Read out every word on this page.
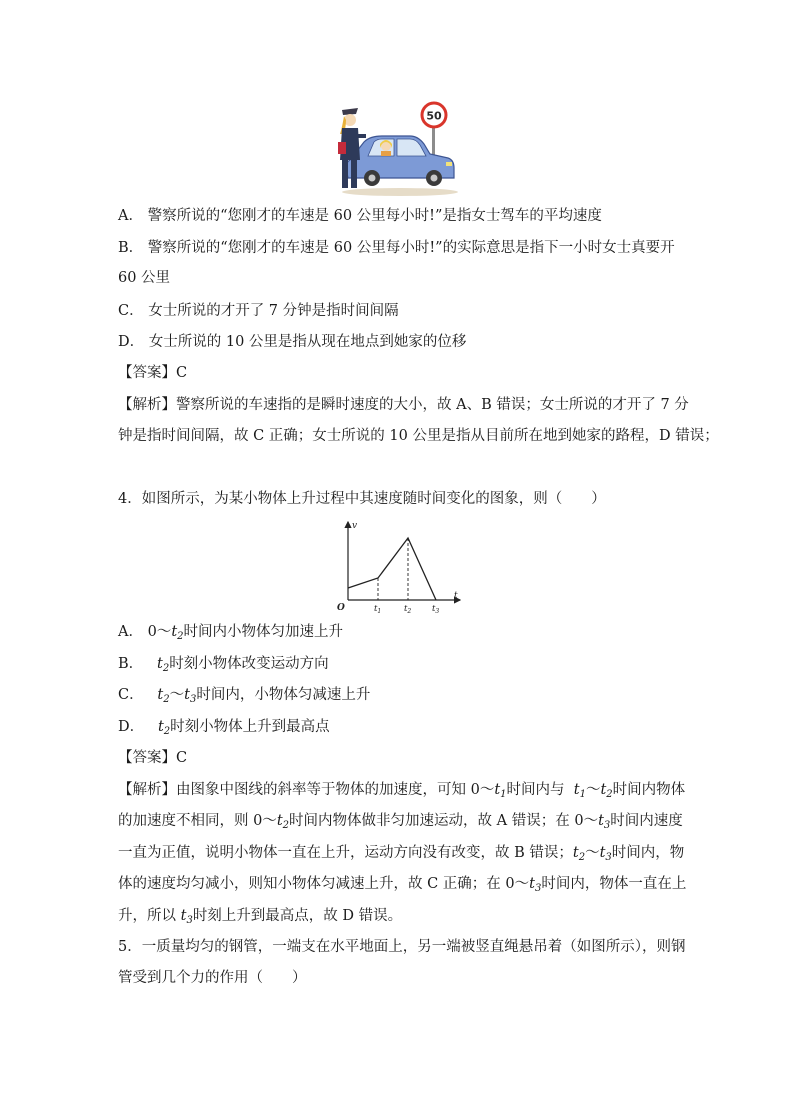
50
A． 警察所说的“您刚才的车速是 60 公里每小时!”是指女士驾车的平均速度
B． 警察所说的“您刚才的车速是 60 公里每小时!”的实际意思是指下一小时女士真要开
60 公里
C． 女士所说的才开了 7 分钟是指时间间隔
D． 女士所说的 10 公里是指从现在地点到她家的位移
【答案】C
【解析】警察所说的车速指的是瞬时速度的大小，故 A、B 错误；女士所说的才开了 7 分
钟是指时间间隔，故 C 正确；女士所说的 10 公里是指从目前所在地到她家的路程，D 错误；
4．如图所示，为某小物体上升过程中其速度随时间变化的图象，则（　　）
v
t
O	$t_1$	$t_2$ $t_3$
A． $0\sim t_2$时间内小物体匀加速上升
B．   $t_2$时刻小物体改变运动方向
C．   $t_2\sim t_3$时间内，小物体匀减速上升
D．   $t_2$时刻小物体上升到最高点
【答案】C
【解析】由图象中图线的斜率等于物体的加速度，可知 $0\sim t_1$时间内与  $t_1\sim t_2$时间内物体
的加速度不相同，则 $0\sim t_2$时间内物体做非匀加速运动，故 A 错误；在 $0\sim t_3$时间内速度
一直为正值，说明小物体一直在上升，运动方向没有改变，故 B 错误；$t_2\sim t_3$时间内，物
体的速度均匀减小，则知小物体匀减速上升，故 C 正确；在 $0\sim t_3$时间内，物体一直在上
升，所以 $t_3$时刻上升到最高点，故 D 错误。
5．一质量均匀的钢管，一端支在水平地面上，另一端被竖直绳悬吊着（如图所示），则钢
管受到几个力的作用（　　）
